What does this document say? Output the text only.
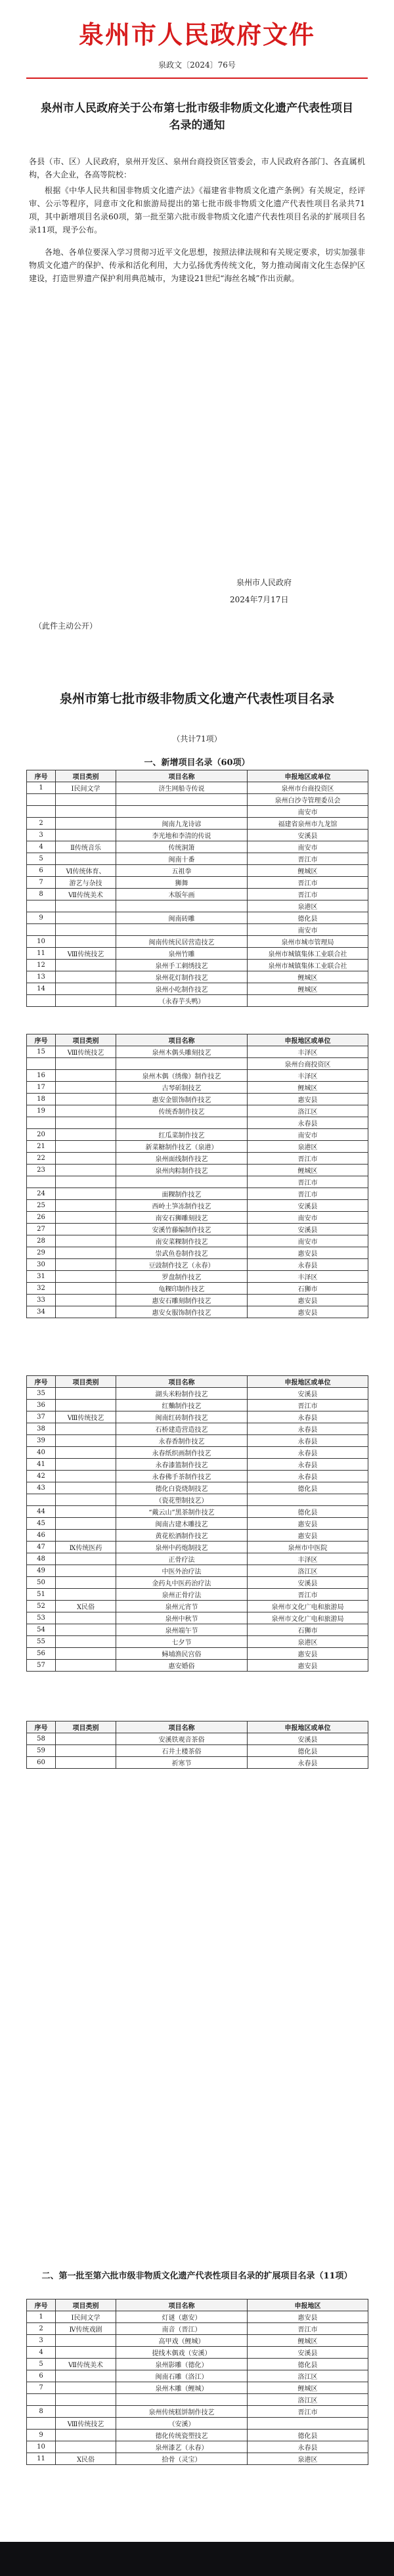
泉州市人民政府文件
泉政文〔2024〕76号
泉州市人民政府关于公布第七批市级非物质文化遗产代表性项目名录的通知
各县（市、区）人民政府，泉州开发区、泉州台商投资区管委会，市人民政府各部门、各直属机构，各大企业，各高等院校：
根据《中华人民共和国非物质文化遗产法》《福建省非物质文化遗产条例》有关规定，经评审、公示等程序，同意市文化和旅游局提出的第七批市级非物质文化遗产代表性项目名录共71项，其中新增项目名录60项，第一批至第六批市级非物质文化遗产代表性项目名录的扩展项目名录11项，现予公布。
各地、各单位要深入学习贯彻习近平文化思想，按照法律法规和有关规定要求，切实加强非物质文化遗产的保护、传承和活化利用，大力弘扬优秀传统文化，努力推动闽南文化生态保护区建设，打造世界遗产保护利用典范城市，为建设21世纪“海丝名城”作出贡献。
泉州市人民政府
2024年7月17日
（此件主动公开）
泉州市第七批市级非物质文化遗产代表性项目名录
（共计71项）
一、新增项目名录（60项）
序号	项目类别	项目名称	申报地区或单位
1	I民间文学	济生网船寺传说	泉州市台商投资区
			泉州白沙寺管理委员会
			南安市
2		闽南九龙诗谚	福建省泉州市九龙馆
3		李光地和李清的传说	安溪县
4	Ⅱ传统音乐	传统洞箫	南安市
5		闽南十番	晋江市
6	Ⅵ传统体育、	五祖拳	鲤城区
7	游艺与杂技	狮舞	晋江市
8	Ⅶ传统美术	木版年画	晋江市
			泉港区
9		闽南砖雕	德化县
			南安市
10		闽南传统民居营造技艺	泉州市城市管理局
11	Ⅷ传统技艺	泉州竹雕	泉州市城镇集体工业联合社
12		泉州手工刺绣技艺	泉州市城镇集体工业联合社
13		泉州花灯制作技艺	鲤城区
14		泉州小吃制作技艺	鲤城区
		（永春芋头鸭）	
序号	项目类别	项目名称	申报地区或单位
15	Ⅷ传统技艺	泉州木偶头雕刻技艺	丰泽区
			泉州台商投资区
16		泉州木偶（绣像）制作技艺	丰泽区
17		古琴斫制技艺	鲤城区
18		惠安金银饰制作技艺	惠安县
19		传统香制作技艺	洛江区
			永春县
20		红瓜菜制作技艺	南安市
21		新菜糖制作技艺（泉港）	泉港区
22		泉州面线制作技艺	晋江市
23		泉州肉粽制作技艺	鲤城区
			晋江市
24		面粿制作技艺	晋江市
25		西岭土笋冻制作技艺	安溪县
26		南安石狮雕刻技艺	南安市
27		安溪竹藤编制作技艺	安溪县
28		南安菜粿制作技艺	南安市
29		崇武鱼卷制作技艺	惠安县
30		豆豉制作技艺（永春）	永春县
31		罗盘制作技艺	丰泽区
32		龟粿印制作技艺	石狮市
33		惠安石雕刻制作技艺	惠安县
34		惠安女服饰制作技艺	惠安县
序号	项目类别	项目名称	申报地区或单位
35		湖头米粉制作技艺	安溪县
36		红麯制作技艺	晋江市
37	Ⅷ传统技艺	闽南红砖制作技艺	永春县
38		石桥建造营造技艺	永春县
39		永春香制作技艺	永春县
40		永春纸织画制作技艺	永春县
41		永春漆篮制作技艺	永春县
42		永春佛手茶制作技艺	永春县
43		德化白瓷烧制技艺	德化县
		（瓷花塑制技艺）	
44		“戴云山”黑茶制作技艺	德化县
45		闽南古建木雕技艺	惠安县
46		黄花松酒制作技艺	惠安县
47	Ⅸ传统医药	泉州中药炮制技艺	泉州市中医院
48		正骨疗法	丰泽区
49		中医外治疗法	洛江区
50		金药丸中医药治疗法	安溪县
51		泉州正骨疗法	晋江市
52	Ⅹ民俗	泉州元宵节	泉州市文化广电和旅游局
53		泉州中秋节	泉州市文化广电和旅游局
54		泉州端午节	石狮市
55		七夕节	泉港区
56		蟳埔渔民宫俗	惠安县
57		惠安婚俗	惠安县
序号	项目类别	项目名称	申报地区或单位
58		安溪铁观音茶俗	安溪县
59		石井土楼茶俗	德化县
60		祈寒节	永春县
二、第一批至第六批市级非物质文化遗产代表性项目名录的扩展项目名录（11项）
序号	项目类别	项目名称	申报地区
1	I民间文学	灯谜（惠安）	惠安县
2	Ⅳ传统戏剧	南音（晋江）	晋江市
3		高甲戏（鲤城）	鲤城区
4		提线木偶戏（安溪）	安溪县
5	Ⅶ传统美术	泉州影雕（德化）	德化县
6		闽南石雕（洛江）	洛江区
7		泉州木雕（鲤城）	鲤城区
			洛江区
8		泉州传统糕饼制作技艺	晋江市
	Ⅷ传统技艺	（安溪）	
9		德化传统瓷塑技艺	德化县
10		泉州漆艺（永春）	永春县
11	Ⅹ民俗	拾骨（灵宝）	泉港区
